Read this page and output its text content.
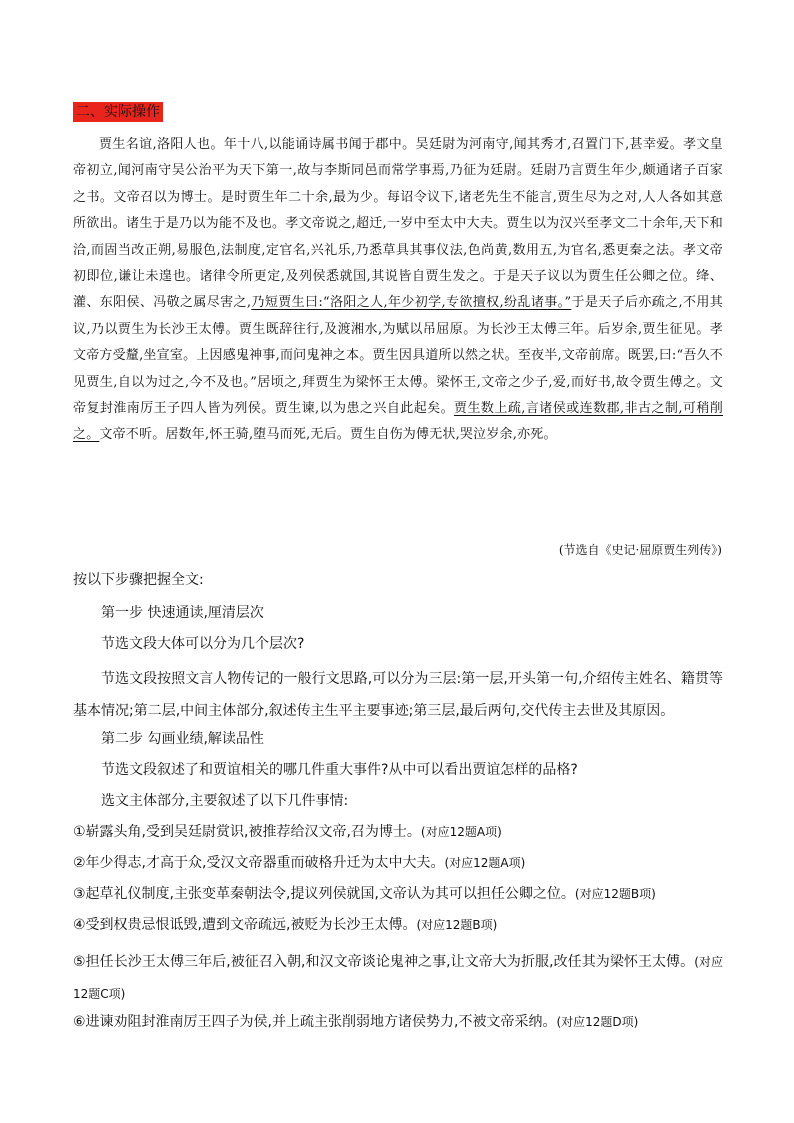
二、实际操作
贾生名谊,洛阳人也。年十八,以能诵诗属书闻于郡中。吴廷尉为河南守,闻其秀才,召置门下,甚幸爱。孝文皇帝初立,闻河南守吴公治平为天下第一,故与李斯同邑而常学事焉,乃征为廷尉。廷尉乃言贾生年少,颇通诸子百家之书。文帝召以为博士。是时贾生年二十余,最为少。每诏令议下,诸老先生不能言,贾生尽为之对,人人各如其意所欲出。诸生于是乃以为能不及也。孝文帝说之,超迁,一岁中至太中大夫。贾生以为汉兴至孝文二十余年,天下和洽,而固当改正朔,易服色,法制度,定官名,兴礼乐,乃悉草具其事仪法,色尚黄,数用五,为官名,悉更秦之法。孝文帝初即位,谦让未遑也。诸律令所更定,及列侯悉就国,其说皆自贾生发之。于是天子议以为贾生任公卿之位。绛、灌、东阳侯、冯敬之属尽害之,乃短贾生曰:“洛阳之人,年少初学,专欲擅权,纷乱诸事。”于是天子后亦疏之,不用其议,乃以贾生为长沙王太傅。贾生既辞往行,及渡湘水,为赋以吊屈原。为长沙王太傅三年。后岁余,贾生征见。孝文帝方受釐,坐宣室。上因感鬼神事,而问鬼神之本。贾生因具道所以然之状。至夜半,文帝前席。既罢,曰:“吾久不见贾生,自以为过之,今不及也。”居顷之,拜贾生为梁怀王太傅。梁怀王,文帝之少子,爱,而好书,故令贾生傅之。文帝复封淮南厉王子四人皆为列侯。贾生谏,以为患之兴自此起矣。贾生数上疏,言诸侯或连数郡,非古之制,可稍削之。文帝不听。居数年,怀王骑,堕马而死,无后。贾生自伤为傅无状,哭泣岁余,亦死。
(节选自《史记·屈原贾生列传》)
按以下步骤把握全文:
第一步 快速通读,厘清层次
节选文段大体可以分为几个层次?
节选文段按照文言人物传记的一般行文思路,可以分为三层:第一层,开头第一句,介绍传主姓名、籍贯等基本情况;第二层,中间主体部分,叙述传主生平主要事迹;第三层,最后两句,交代传主去世及其原因。
第二步 勾画业绩,解读品性
节选文段叙述了和贾谊相关的哪几件重大事件?从中可以看出贾谊怎样的品格?
选文主体部分,主要叙述了以下几件事情:
①崭露头角,受到吴廷尉赏识,被推荐给汉文帝,召为博士。(对应12题A项)
②年少得志,才高于众,受汉文帝器重而破格升迁为太中大夫。(对应12题A项)
③起草礼仪制度,主张变革秦朝法令,提议列侯就国,文帝认为其可以担任公卿之位。(对应12题B项)
④受到权贵忌恨诋毁,遭到文帝疏远,被贬为长沙王太傅。(对应12题B项)
⑤担任长沙王太傅三年后,被征召入朝,和汉文帝谈论鬼神之事,让文帝大为折服,改任其为梁怀王太傅。(对应12题C项)
⑥进谏劝阻封淮南厉王四子为侯,并上疏主张削弱地方诸侯势力,不被文帝采纳。(对应12题D项)
